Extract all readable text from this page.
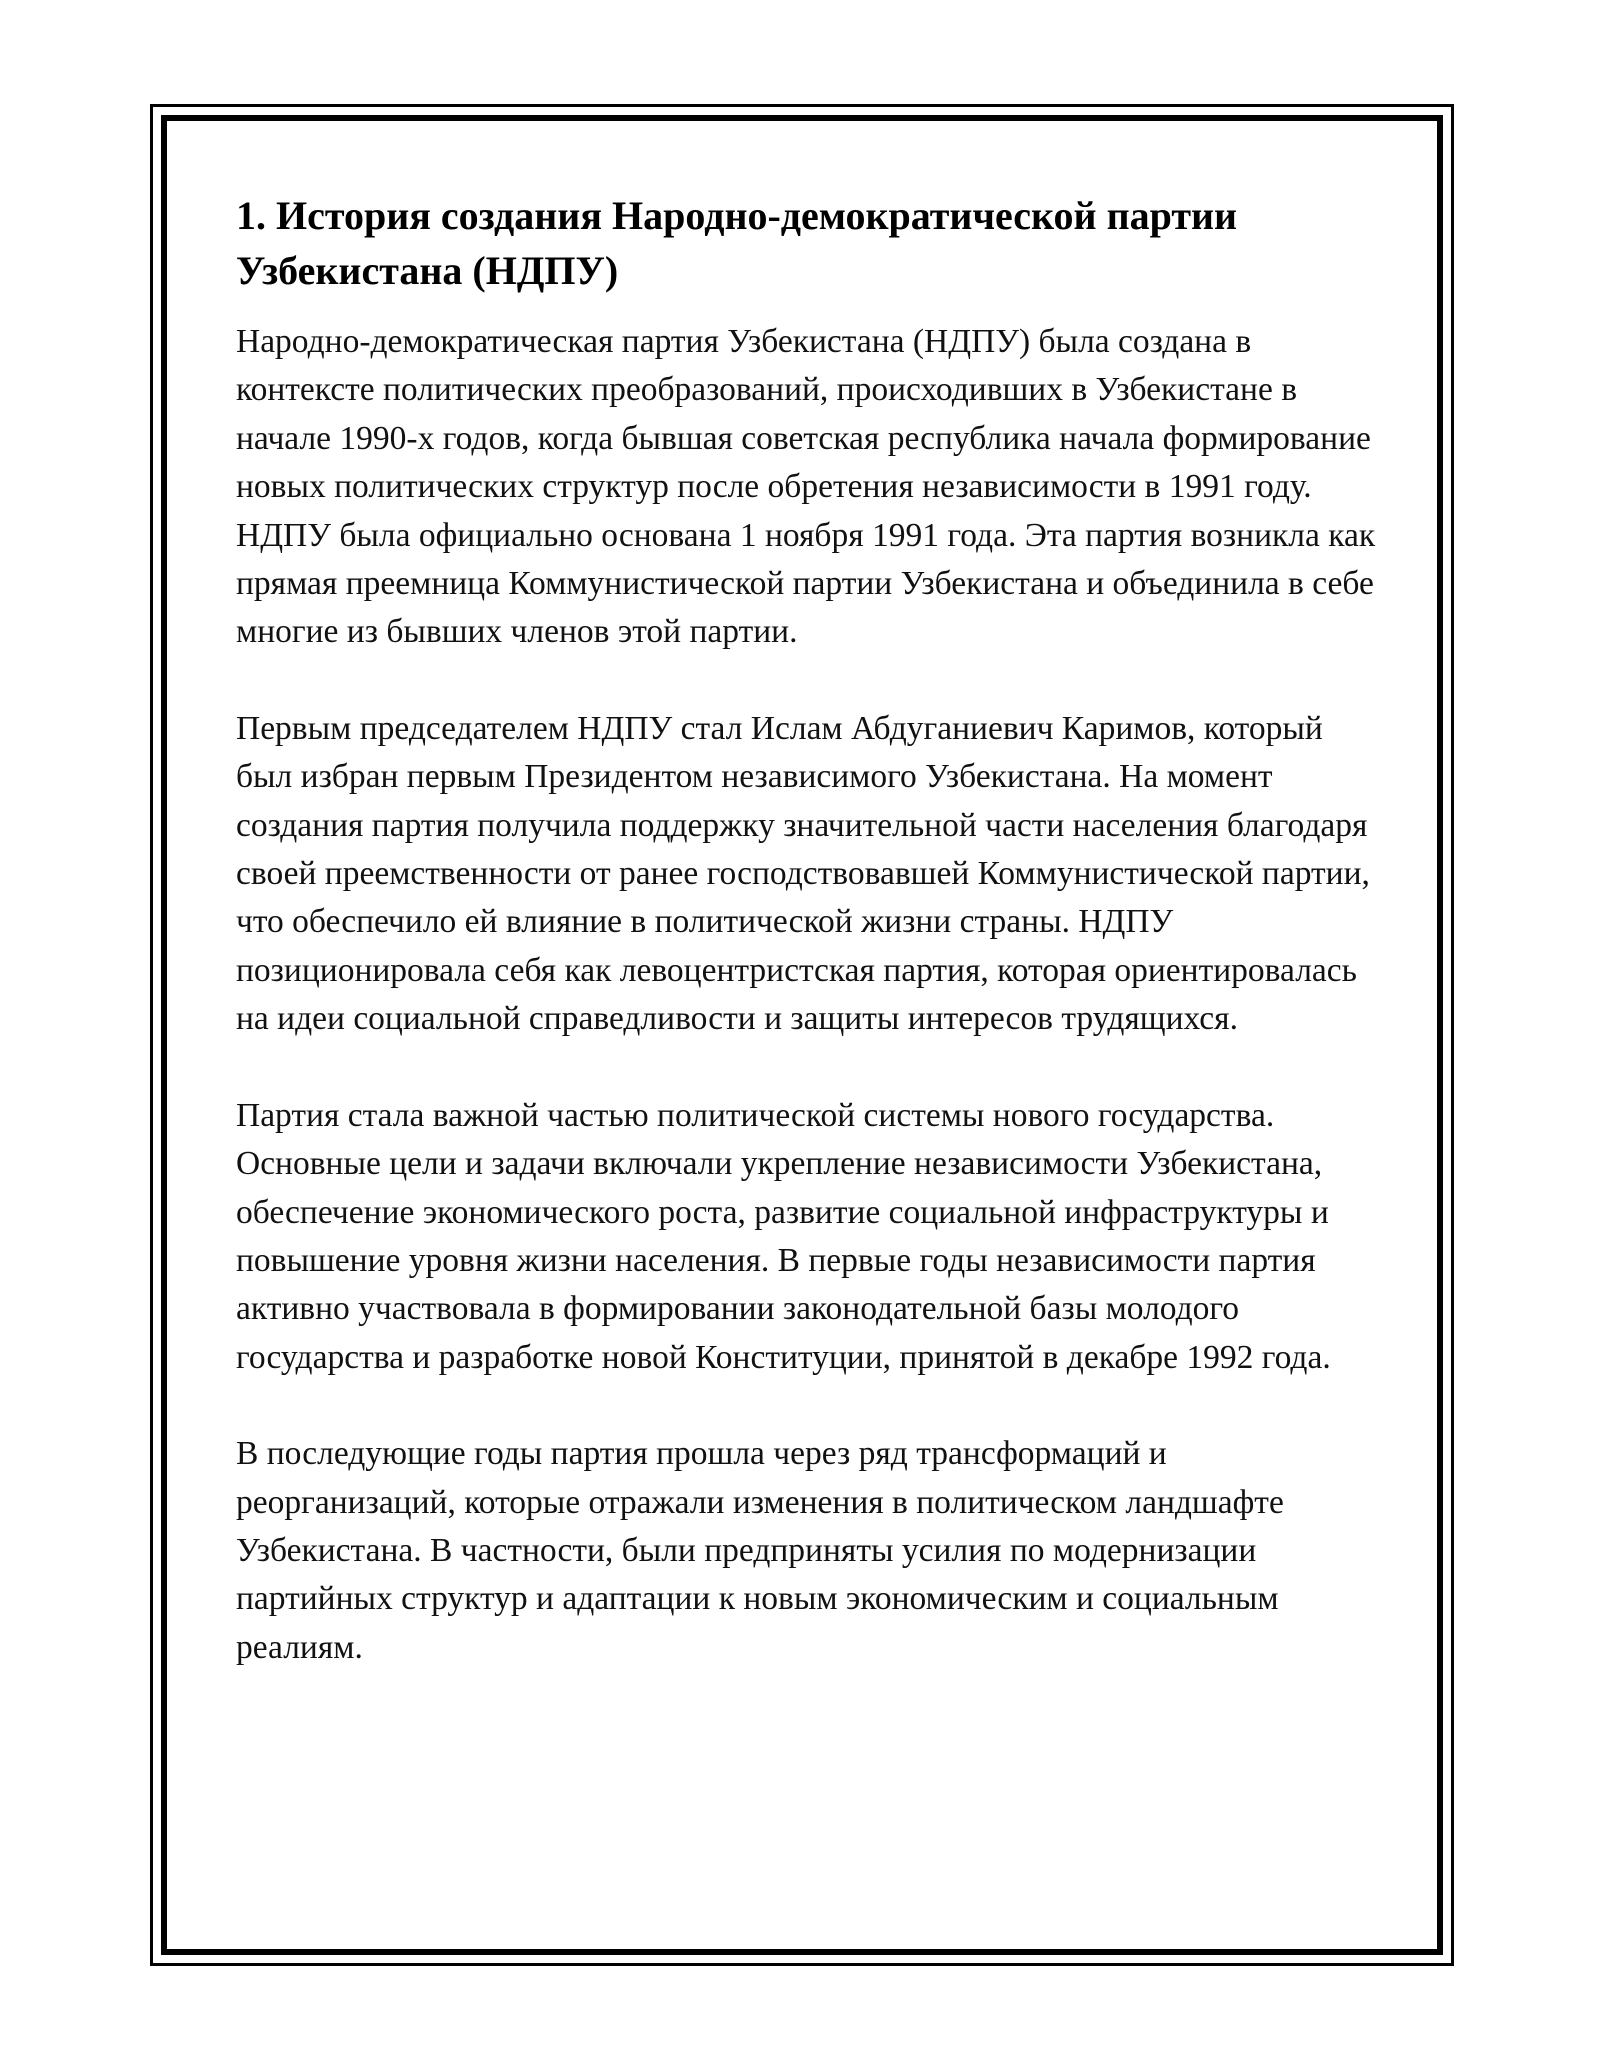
1. История создания Народно-демократической партии Узбекистана (НДПУ)

Народно-демократическая партия Узбекистана (НДПУ) была создана в контексте политических преобразований, происходивших в Узбекистане в начале 1990-х годов, когда бывшая советская республика начала формирование новых политических структур после обретения независимости в 1991 году. НДПУ была официально основана 1 ноября 1991 года. Эта партия возникла как прямая преемница Коммунистической партии Узбекистана и объединила в себе многие из бывших членов этой партии.

Первым председателем НДПУ стал Ислам Абдуганиевич Каримов, который был избран первым Президентом независимого Узбекистана. На момент создания партия получила поддержку значительной части населения благодаря своей преемственности от ранее господствовавшей Коммунистической партии, что обеспечило ей влияние в политической жизни страны. НДПУ позиционировала себя как левоцентристская партия, которая ориентировалась на идеи социальной справедливости и защиты интересов трудящихся.

Партия стала важной частью политической системы нового государства. Основные цели и задачи включали укрепление независимости Узбекистана, обеспечение экономического роста, развитие социальной инфраструктуры и повышение уровня жизни населения. В первые годы независимости партия активно участвовала в формировании законодательной базы молодого государства и разработке новой Конституции, принятой в декабре 1992 года.

В последующие годы партия прошла через ряд трансформаций и реорганизаций, которые отражали изменения в политическом ландшафте Узбекистана. В частности, были предприняты усилия по модернизации партийных структур и адаптации к новым экономическим и социальным реалиям.
